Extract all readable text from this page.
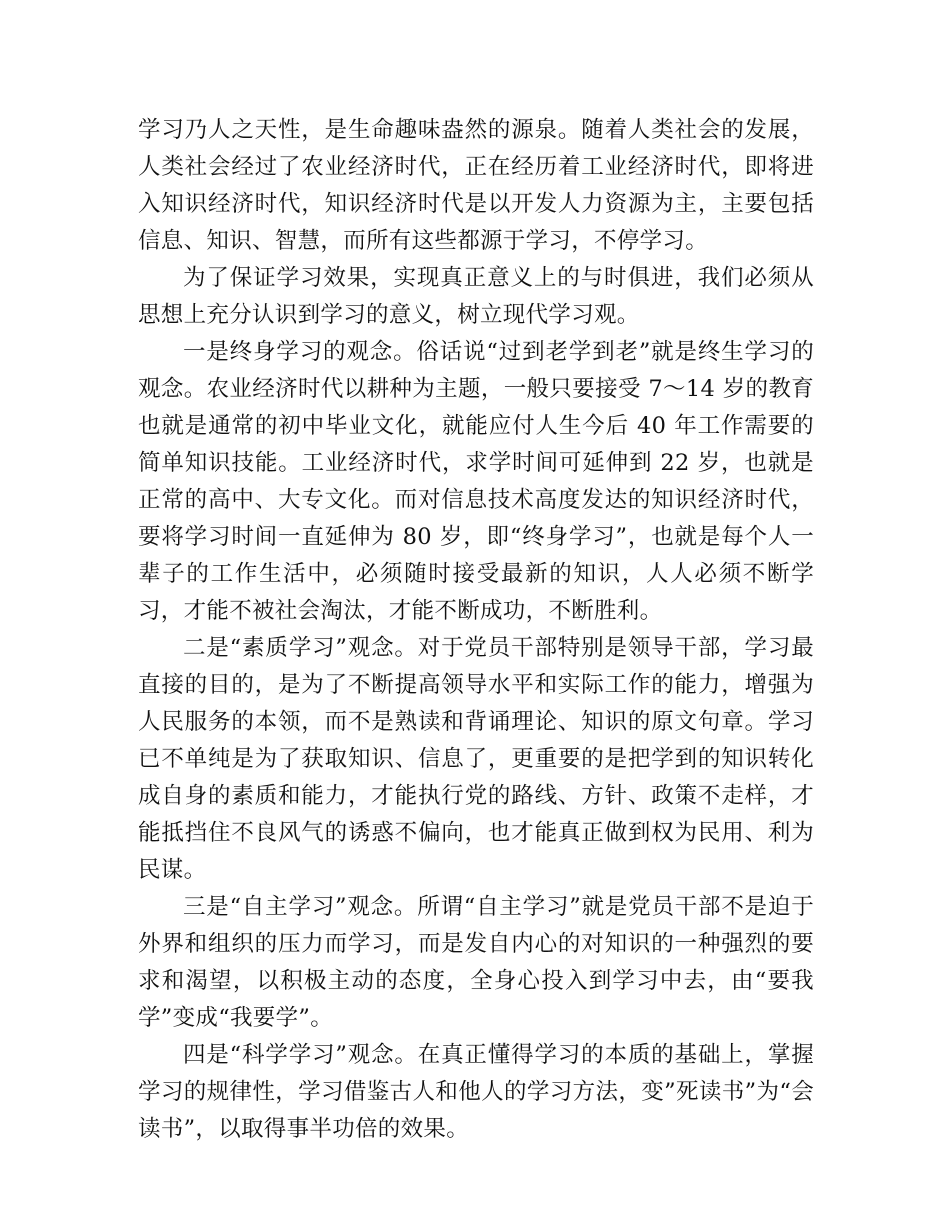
学习乃人之天性，是生命趣味盎然的源泉。随着人类社会的发展，人类社会经过了农业经济时代，正在经历着工业经济时代，即将进入知识经济时代，知识经济时代是以开发人力资源为主，主要包括信息、知识、智慧，而所有这些都源于学习，不停学习。

为了保证学习效果，实现真正意义上的与时俱进，我们必须从思想上充分认识到学习的意义，树立现代学习观。

一是终身学习的观念。俗话说“过到老学到老”就是终生学习的观念。农业经济时代以耕种为主题，一般只要接受 7～14 岁的教育也就是通常的初中毕业文化，就能应付人生今后 40 年工作需要的简单知识技能。工业经济时代，求学时间可延伸到 22 岁，也就是正常的高中、大专文化。而对信息技术高度发达的知识经济时代，要将学习时间一直延伸为 80 岁，即“终身学习”，也就是每个人一辈子的工作生活中，必须随时接受最新的知识，人人必须不断学习，才能不被社会淘汰，才能不断成功，不断胜利。

二是“素质学习”观念。对于党员干部特别是领导干部，学习最直接的目的，是为了不断提高领导水平和实际工作的能力，增强为人民服务的本领，而不是熟读和背诵理论、知识的原文句章。学习已不单纯是为了获取知识、信息了，更重要的是把学到的知识转化成自身的素质和能力，才能执行党的路线、方针、政策不走样，才能抵挡住不良风气的诱惑不偏向，也才能真正做到权为民用、利为民谋。

三是“自主学习”观念。所谓“自主学习”就是党员干部不是迫于外界和组织的压力而学习，而是发自内心的对知识的一种强烈的要求和渴望，以积极主动的态度，全身心投入到学习中去，由“要我学”变成“我要学”。

四是“科学学习”观念。在真正懂得学习的本质的基础上，掌握学习的规律性，学习借鉴古人和他人的学习方法，变”死读书”为“会读书”，以取得事半功倍的效果。
